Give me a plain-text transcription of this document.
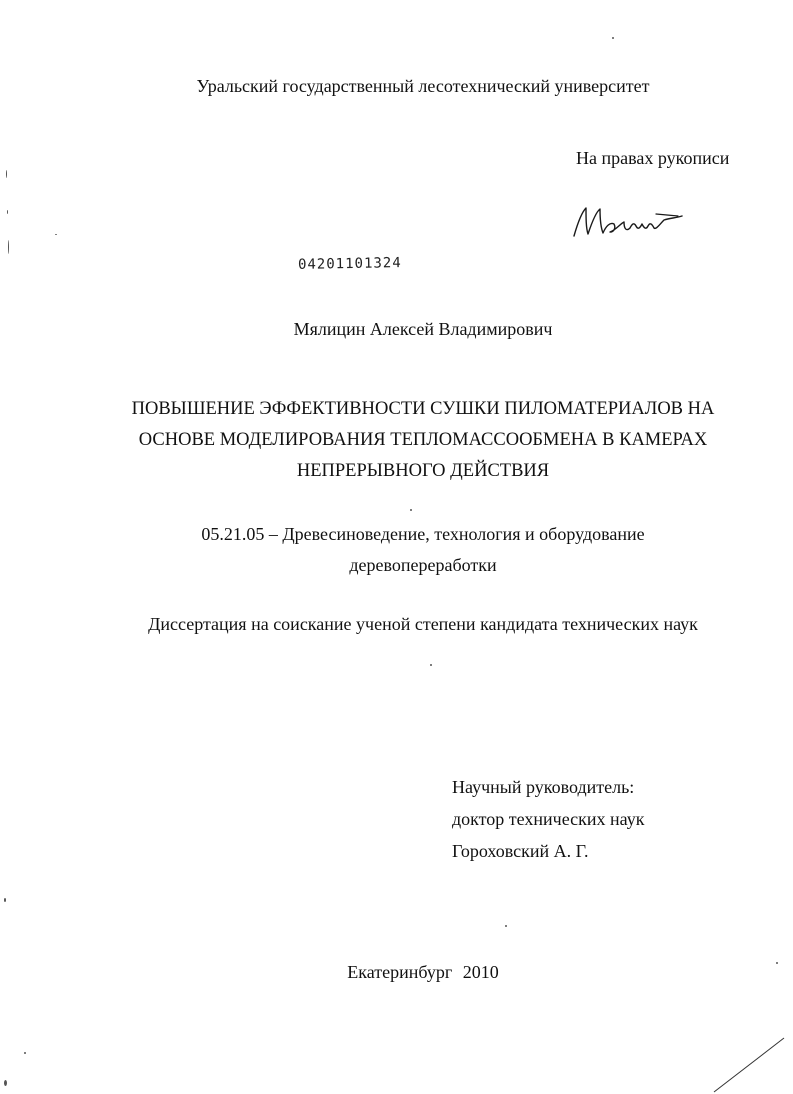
Уральский государственный лесотехнический университет
На правах рукописи
04201101324
Мялицин Алексей Владимирович
ПОВЫШЕНИЕ ЭФФЕКТИВНОСТИ СУШКИ ПИЛОМАТЕРИАЛОВ НА
ОСНОВЕ МОДЕЛИРОВАНИЯ ТЕПЛОМАССООБМЕНА В КАМЕРАХ
НЕПРЕРЫВНОГО ДЕЙСТВИЯ
05.21.05 – Древесиноведение, технология и оборудование
деревопереработки
Диссертация на соискание ученой степени кандидата технических наук
Научный руководитель:
доктор технических наук
Гороховский А. Г.
Екатеринбург 2010
